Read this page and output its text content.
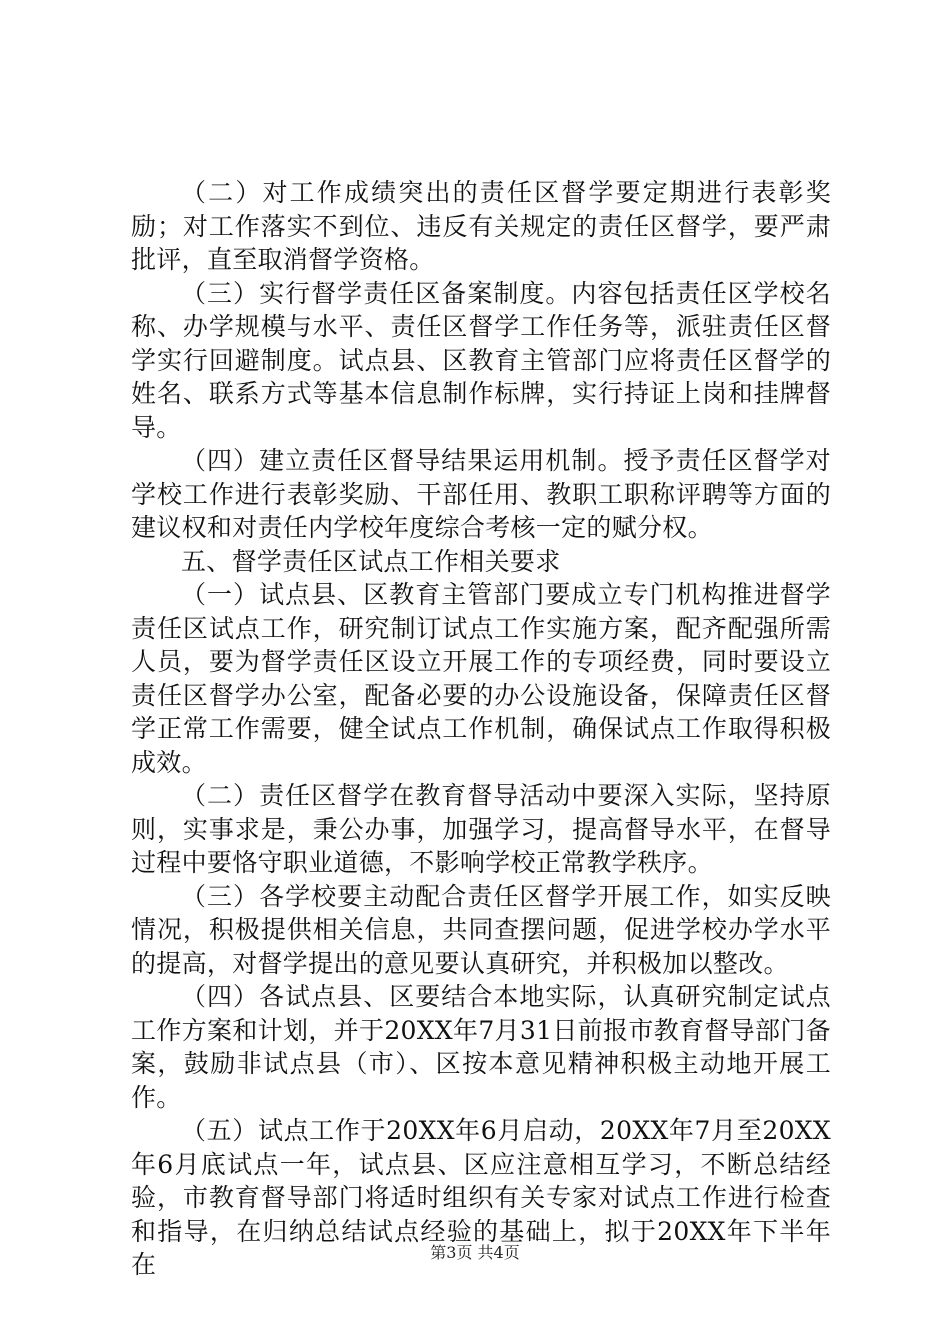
（二）对工作成绩突出的责任区督学要定期进行表彰奖励；对工作落实不到位、违反有关规定的责任区督学，要严肃批评，直至取消督学资格。

（三）实行督学责任区备案制度。内容包括责任区学校名称、办学规模与水平、责任区督学工作任务等，派驻责任区督学实行回避制度。试点县、区教育主管部门应将责任区督学的姓名、联系方式等基本信息制作标牌，实行持证上岗和挂牌督导。

（四）建立责任区督导结果运用机制。授予责任区督学对学校工作进行表彰奖励、干部任用、教职工职称评聘等方面的建议权和对责任内学校年度综合考核一定的赋分权。

五、督学责任区试点工作相关要求

（一）试点县、区教育主管部门要成立专门机构推进督学责任区试点工作，研究制订试点工作实施方案，配齐配强所需人员，要为督学责任区设立开展工作的专项经费，同时要设立责任区督学办公室，配备必要的办公设施设备，保障责任区督学正常工作需要，健全试点工作机制，确保试点工作取得积极成效。

（二）责任区督学在教育督导活动中要深入实际，坚持原则，实事求是，秉公办事，加强学习，提高督导水平，在督导过程中要恪守职业道德，不影响学校正常教学秩序。

（三）各学校要主动配合责任区督学开展工作，如实反映情况，积极提供相关信息，共同查摆问题，促进学校办学水平的提高，对督学提出的意见要认真研究，并积极加以整改。

（四）各试点县、区要结合本地实际，认真研究制定试点工作方案和计划，并于20XX年7月31日前报市教育督导部门备案，鼓励非试点县（市）、区按本意见精神积极主动地开展工作。

（五）试点工作于20XX年6月启动，20XX年7月至20XX年6月底试点一年，试点县、区应注意相互学习，不断总结经验，市教育督导部门将适时组织有关专家对试点工作进行检查和指导，在归纳总结试点经验的基础上，拟于20XX年下半年在	第3页 共4页
